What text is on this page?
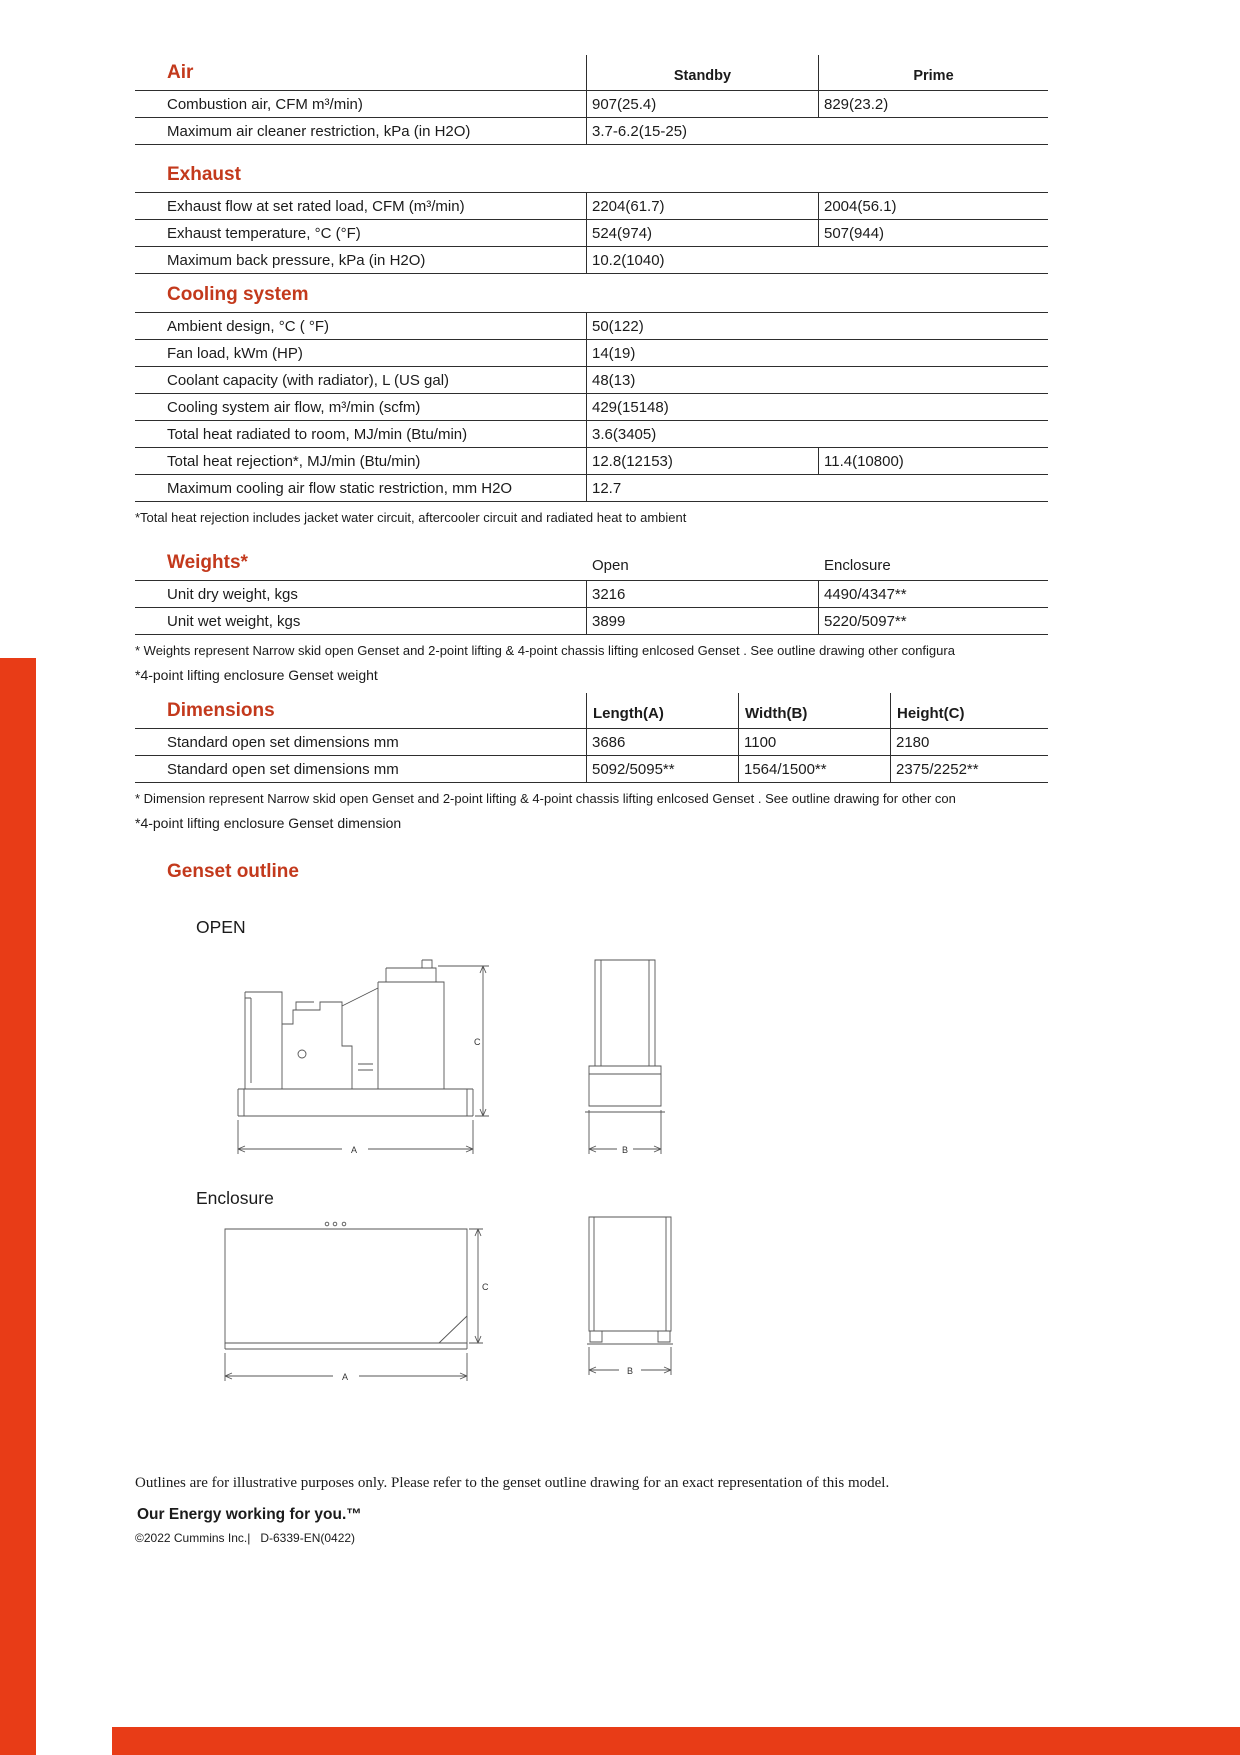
Air	Standby	Prime
Combustion air, CFM m³/min)	907(25.4)	829(23.2)
Maximum air cleaner restriction, kPa (in H2O)	3.7-6.2(15-25)
Exhaust
Exhaust flow at set rated load, CFM (m³/min)	2204(61.7)	2004(56.1)
Exhaust temperature, °C (°F)	524(974)	507(944)
Maximum back pressure, kPa (in H2O)	10.2(1040)
Cooling system
Ambient design, °C ( °F)	50(122)
Fan load, kWm (HP)	14(19)
Coolant capacity (with radiator), L (US gal)	48(13)
Cooling system air flow, m³/min (scfm)	429(15148)
Total heat radiated to room, MJ/min (Btu/min)	3.6(3405)
Total heat rejection*, MJ/min (Btu/min)	12.8(12153)	11.4(10800)
Maximum cooling air flow static restriction, mm H2O	12.7
*Total heat rejection includes jacket water circuit, aftercooler circuit and radiated heat to ambient
Weights*	Open	Enclosure
Unit dry weight, kgs	3216	4490/4347**
Unit wet weight, kgs	3899	5220/5097**
* Weights represent Narrow skid open Genset and 2-point lifting & 4-point chassis lifting enlcosed Genset . See outline drawing other configura
*4-point lifting enclosure Genset weight
Dimensions	Length(A)	Width(B)	Height(C)
Standard open set dimensions mm	3686	1100	2180
Standard open set dimensions mm	5092/5095**	1564/1500**	2375/2252**
* Dimension represent Narrow skid open Genset and 2-point lifting & 4-point chassis lifting enlcosed Genset . See outline drawing for other con
*4-point lifting enclosure Genset dimension
Genset outline
OPEN
A
C
B
Enclosure
A
C
B
Outlines are for illustrative purposes only. Please refer to the genset outline drawing for an exact representation of this model.
Our Energy working for you.™
©2022 Cummins Inc.|   D-6339-EN(0422)
